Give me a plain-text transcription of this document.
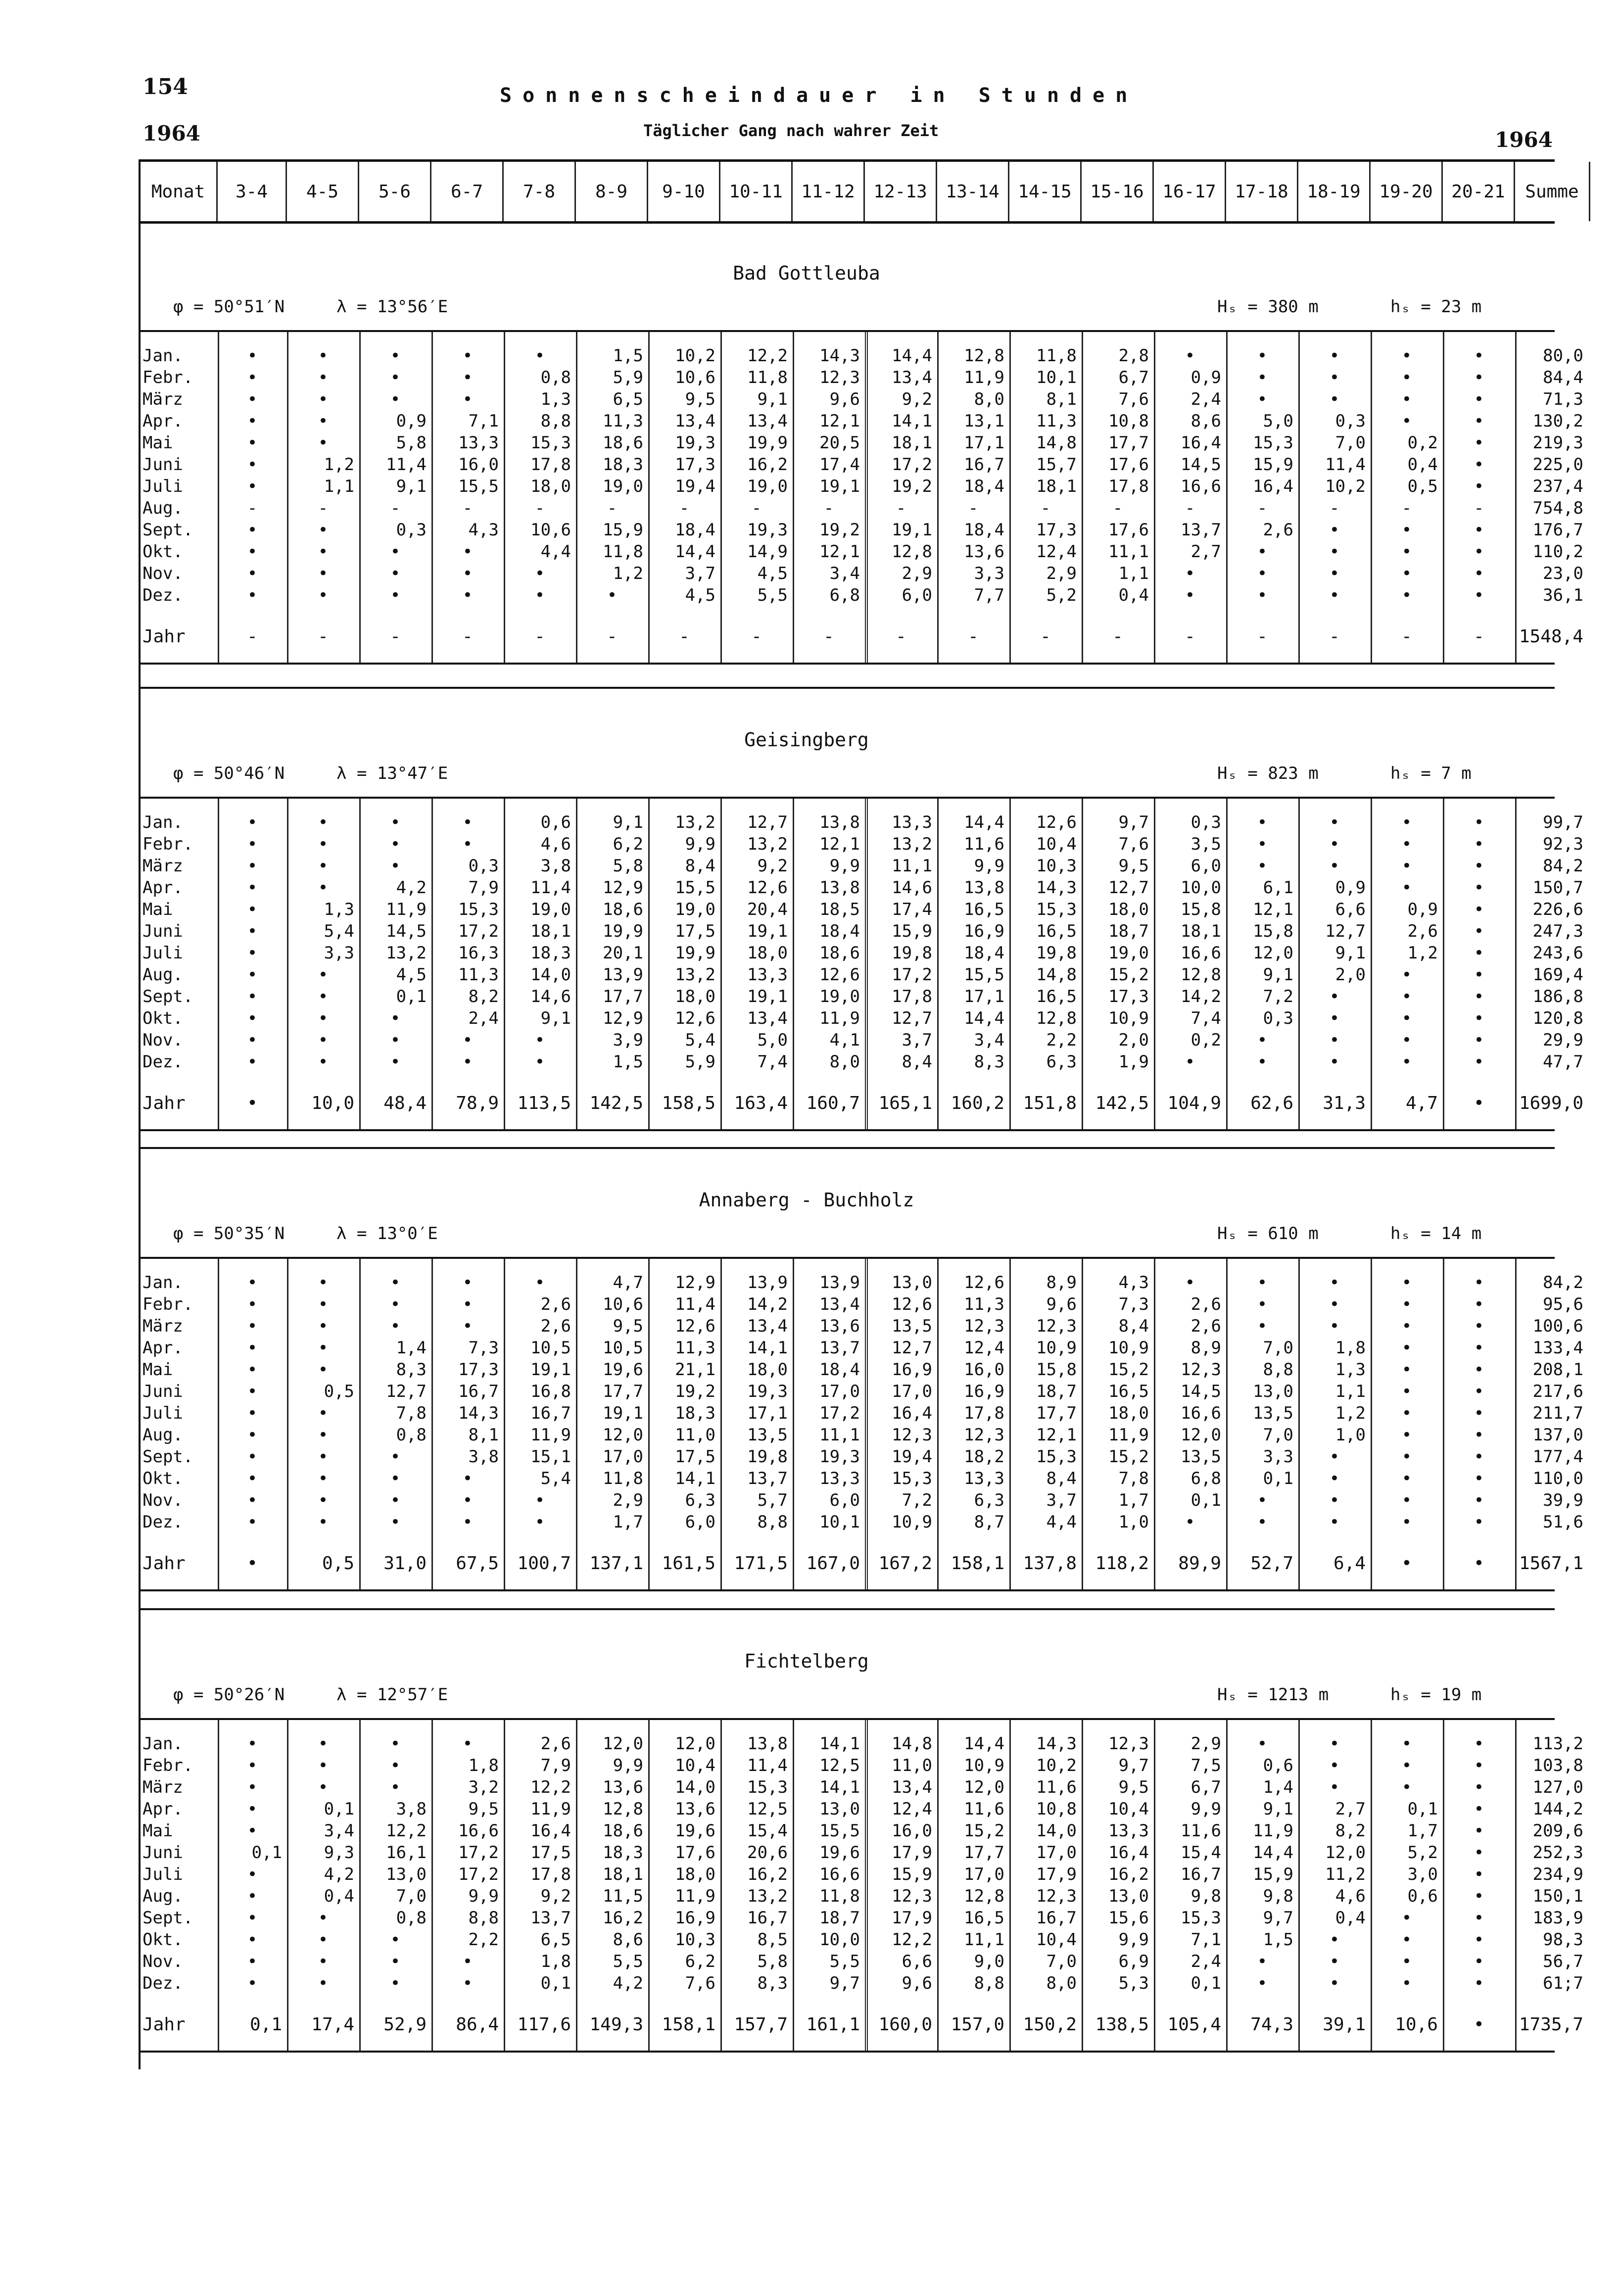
154
1964	1964
Sonnenscheindauer in Stunden
Täglicher Gang nach wahrer Zeit
Monat	3-4	4-5	5-6	6-7	7-8	8-9	9-10	10-11	11-12	12-13	13-14	14-15	15-16	16-17	17-18	18-19	19-20	20-21	Summe
Bad Gottleuba
φ = 50°51′N	λ = 13°56′E	Hₛ = 380 m	hₛ = 23 m
Jan.	•	•	•	•	•	1,5	10,2	12,2	14,3	14,4	12,8	11,8	2,8	•	•	•	•	•	80,0
Febr.	•	•	•	•	0,8	5,9	10,6	11,8	12,3	13,4	11,9	10,1	6,7	0,9	•	•	•	•	84,4
März	•	•	•	•	1,3	6,5	9,5	9,1	9,6	9,2	8,0	8,1	7,6	2,4	•	•	•	•	71,3
Apr.	•	•	0,9	7,1	8,8	11,3	13,4	13,4	12,1	14,1	13,1	11,3	10,8	8,6	5,0	0,3	•	•	130,2
Mai	•	•	5,8	13,3	15,3	18,6	19,3	19,9	20,5	18,1	17,1	14,8	17,7	16,4	15,3	7,0	0,2	•	219,3
Juni	•	1,2	11,4	16,0	17,8	18,3	17,3	16,2	17,4	17,2	16,7	15,7	17,6	14,5	15,9	11,4	0,4	•	225,0
Juli	•	1,1	9,1	15,5	18,0	19,0	19,4	19,0	19,1	19,2	18,4	18,1	17,8	16,6	16,4	10,2	0,5	•	237,4
Aug.	-	-	-	-	-	-	-	-	-	-	-	-	-	-	-	-	-	-	754,8
Sept.	•	•	0,3	4,3	10,6	15,9	18,4	19,3	19,2	19,1	18,4	17,3	17,6	13,7	2,6	•	•	•	176,7
Okt.	•	•	•	•	4,4	11,8	14,4	14,9	12,1	12,8	13,6	12,4	11,1	2,7	•	•	•	•	110,2
Nov.	•	•	•	•	•	1,2	3,7	4,5	3,4	2,9	3,3	2,9	1,1	•	•	•	•	•	23,0
Dez.	•	•	•	•	•	•	4,5	5,5	6,8	6,0	7,7	5,2	0,4	•	•	•	•	•	36,1
Jahr	-	-	-	-	-	-	-	-	-	-	-	-	-	-	-	-	-	-	1548,4
Geisingberg
φ = 50°46′N	λ = 13°47′E	Hₛ = 823 m	hₛ = 7 m
Jan.	•	•	•	•	0,6	9,1	13,2	12,7	13,8	13,3	14,4	12,6	9,7	0,3	•	•	•	•	99,7
Febr.	•	•	•	•	4,6	6,2	9,9	13,2	12,1	13,2	11,6	10,4	7,6	3,5	•	•	•	•	92,3
März	•	•	•	0,3	3,8	5,8	8,4	9,2	9,9	11,1	9,9	10,3	9,5	6,0	•	•	•	•	84,2
Apr.	•	•	4,2	7,9	11,4	12,9	15,5	12,6	13,8	14,6	13,8	14,3	12,7	10,0	6,1	0,9	•	•	150,7
Mai	•	1,3	11,9	15,3	19,0	18,6	19,0	20,4	18,5	17,4	16,5	15,3	18,0	15,8	12,1	6,6	0,9	•	226,6
Juni	•	5,4	14,5	17,2	18,1	19,9	17,5	19,1	18,4	15,9	16,9	16,5	18,7	18,1	15,8	12,7	2,6	•	247,3
Juli	•	3,3	13,2	16,3	18,3	20,1	19,9	18,0	18,6	19,8	18,4	19,8	19,0	16,6	12,0	9,1	1,2	•	243,6
Aug.	•	•	4,5	11,3	14,0	13,9	13,2	13,3	12,6	17,2	15,5	14,8	15,2	12,8	9,1	2,0	•	•	169,4
Sept.	•	•	0,1	8,2	14,6	17,7	18,0	19,1	19,0	17,8	17,1	16,5	17,3	14,2	7,2	•	•	•	186,8
Okt.	•	•	•	2,4	9,1	12,9	12,6	13,4	11,9	12,7	14,4	12,8	10,9	7,4	0,3	•	•	•	120,8
Nov.	•	•	•	•	•	3,9	5,4	5,0	4,1	3,7	3,4	2,2	2,0	0,2	•	•	•	•	29,9
Dez.	•	•	•	•	•	1,5	5,9	7,4	8,0	8,4	8,3	6,3	1,9	•	•	•	•	•	47,7
Jahr	•	10,0	48,4	78,9	113,5	142,5	158,5	163,4	160,7	165,1	160,2	151,8	142,5	104,9	62,6	31,3	4,7	•	1699,0
Annaberg - Buchholz
φ = 50°35′N	λ = 13°0′E	Hₛ = 610 m	hₛ = 14 m
Jan.	•	•	•	•	•	4,7	12,9	13,9	13,9	13,0	12,6	8,9	4,3	•	•	•	•	•	84,2
Febr.	•	•	•	•	2,6	10,6	11,4	14,2	13,4	12,6	11,3	9,6	7,3	2,6	•	•	•	•	95,6
März	•	•	•	•	2,6	9,5	12,6	13,4	13,6	13,5	12,3	12,3	8,4	2,6	•	•	•	•	100,6
Apr.	•	•	1,4	7,3	10,5	10,5	11,3	14,1	13,7	12,7	12,4	10,9	10,9	8,9	7,0	1,8	•	•	133,4
Mai	•	•	8,3	17,3	19,1	19,6	21,1	18,0	18,4	16,9	16,0	15,8	15,2	12,3	8,8	1,3	•	•	208,1
Juni	•	0,5	12,7	16,7	16,8	17,7	19,2	19,3	17,0	17,0	16,9	18,7	16,5	14,5	13,0	1,1	•	•	217,6
Juli	•	•	7,8	14,3	16,7	19,1	18,3	17,1	17,2	16,4	17,8	17,7	18,0	16,6	13,5	1,2	•	•	211,7
Aug.	•	•	0,8	8,1	11,9	12,0	11,0	13,5	11,1	12,3	12,3	12,1	11,9	12,0	7,0	1,0	•	•	137,0
Sept.	•	•	•	3,8	15,1	17,0	17,5	19,8	19,3	19,4	18,2	15,3	15,2	13,5	3,3	•	•	•	177,4
Okt.	•	•	•	•	5,4	11,8	14,1	13,7	13,3	15,3	13,3	8,4	7,8	6,8	0,1	•	•	•	110,0
Nov.	•	•	•	•	•	2,9	6,3	5,7	6,0	7,2	6,3	3,7	1,7	0,1	•	•	•	•	39,9
Dez.	•	•	•	•	•	1,7	6,0	8,8	10,1	10,9	8,7	4,4	1,0	•	•	•	•	•	51,6
Jahr	•	0,5	31,0	67,5	100,7	137,1	161,5	171,5	167,0	167,2	158,1	137,8	118,2	89,9	52,7	6,4	•	•	1567,1
Fichtelberg
φ = 50°26′N	λ = 12°57′E	Hₛ = 1213 m	hₛ = 19 m
Jan.	•	•	•	•	2,6	12,0	12,0	13,8	14,1	14,8	14,4	14,3	12,3	2,9	•	•	•	•	113,2
Febr.	•	•	•	1,8	7,9	9,9	10,4	11,4	12,5	11,0	10,9	10,2	9,7	7,5	0,6	•	•	•	103,8
März	•	•	•	3,2	12,2	13,6	14,0	15,3	14,1	13,4	12,0	11,6	9,5	6,7	1,4	•	•	•	127,0
Apr.	•	0,1	3,8	9,5	11,9	12,8	13,6	12,5	13,0	12,4	11,6	10,8	10,4	9,9	9,1	2,7	0,1	•	144,2
Mai	•	3,4	12,2	16,6	16,4	18,6	19,6	15,4	15,5	16,0	15,2	14,0	13,3	11,6	11,9	8,2	1,7	•	209,6
Juni	0,1	9,3	16,1	17,2	17,5	18,3	17,6	20,6	19,6	17,9	17,7	17,0	16,4	15,4	14,4	12,0	5,2	•	252,3
Juli	•	4,2	13,0	17,2	17,8	18,1	18,0	16,2	16,6	15,9	17,0	17,9	16,2	16,7	15,9	11,2	3,0	•	234,9
Aug.	•	0,4	7,0	9,9	9,2	11,5	11,9	13,2	11,8	12,3	12,8	12,3	13,0	9,8	9,8	4,6	0,6	•	150,1
Sept.	•	•	0,8	8,8	13,7	16,2	16,9	16,7	18,7	17,9	16,5	16,7	15,6	15,3	9,7	0,4	•	•	183,9
Okt.	•	•	•	2,2	6,5	8,6	10,3	8,5	10,0	12,2	11,1	10,4	9,9	7,1	1,5	•	•	•	98,3
Nov.	•	•	•	•	1,8	5,5	6,2	5,8	5,5	6,6	9,0	7,0	6,9	2,4	•	•	•	•	56,7
Dez.	•	•	•	•	0,1	4,2	7,6	8,3	9,7	9,6	8,8	8,0	5,3	0,1	•	•	•	•	61;7
Jahr	0,1	17,4	52,9	86,4	117,6	149,3	158,1	157,7	161,1	160,0	157,0	150,2	138,5	105,4	74,3	39,1	10,6	•	1735,7
